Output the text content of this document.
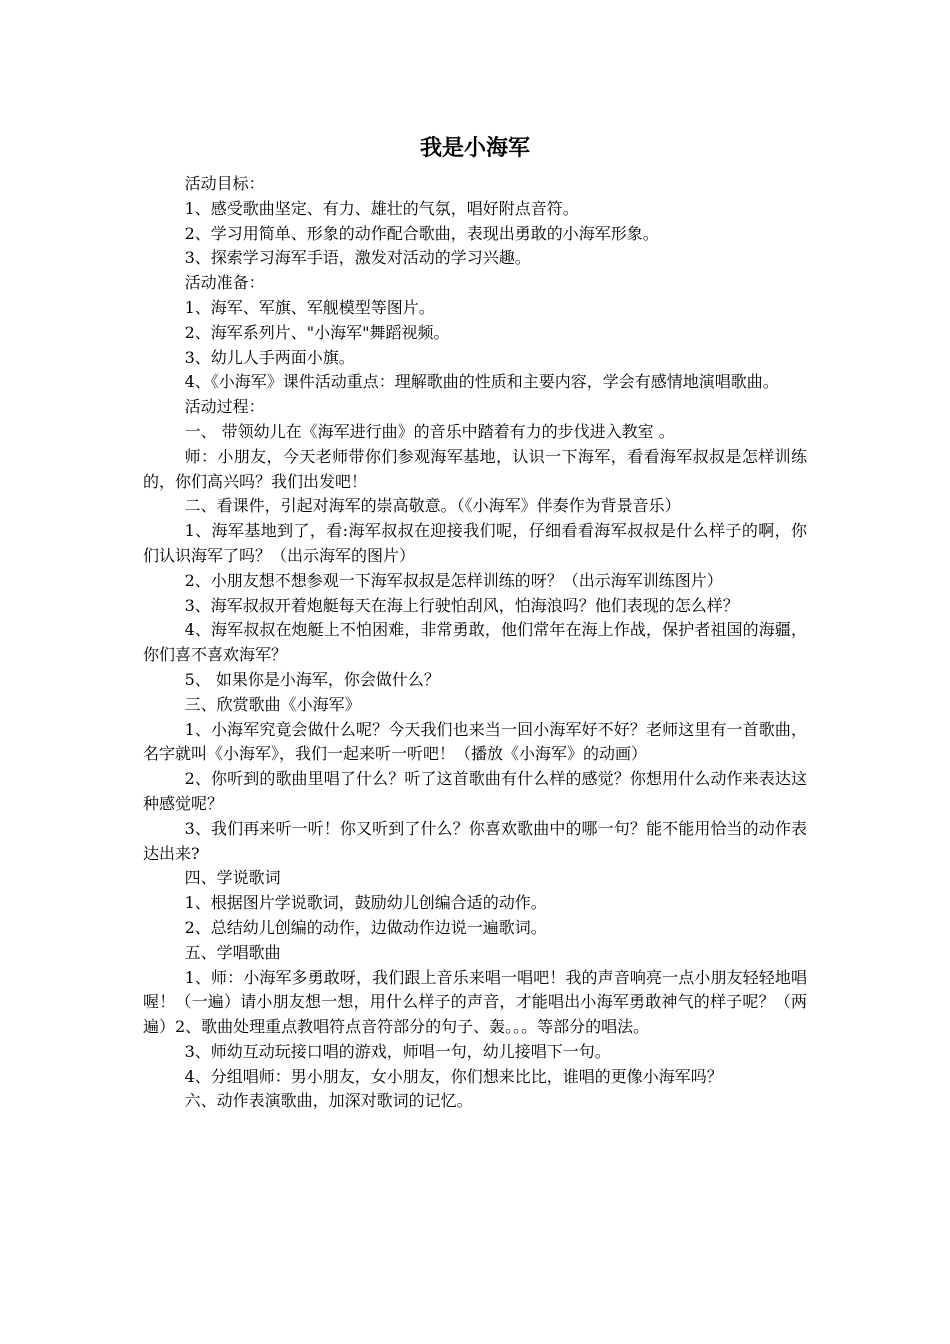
我是小海军

活动目标：

1、感受歌曲坚定、有力、雄壮的气氛，唱好附点音符。

2、学习用简单、形象的动作配合歌曲，表现出勇敢的小海军形象。

3、探索学习海军手语，激发对活动的学习兴趣。

活动准备：

1、海军、军旗、军舰模型等图片。

2、海军系列片、"小海军"舞蹈视频。

3、幼儿人手两面小旗。

4、《小海军》课件活动重点：理解歌曲的性质和主要内容，学会有感情地演唱歌曲。

活动过程：

一、 带领幼儿在《海军进行曲》的音乐中踏着有力的步伐进入教室 。

师：小朋友，今天老师带你们参观海军基地，认识一下海军，看看海军叔叔是怎样训练的，你们高兴吗？我们出发吧！

二、看课件，引起对海军的崇高敬意。（《小海军》伴奏作为背景音乐）

1、海军基地到了，看:海军叔叔在迎接我们呢，仔细看看海军叔叔是什么样子的啊，你们认识海军了吗？（出示海军的图片）

2、小朋友想不想参观一下海军叔叔是怎样训练的呀？（出示海军训练图片）

3、海军叔叔开着炮艇每天在海上行驶怕刮风，怕海浪吗？他们表现的怎么样？

4、海军叔叔在炮艇上不怕困难，非常勇敢，他们常年在海上作战，保护者祖国的海疆，你们喜不喜欢海军？

5、 如果你是小海军，你会做什么？

三、欣赏歌曲《小海军》

1、小海军究竟会做什么呢？今天我们也来当一回小海军好不好？老师这里有一首歌曲，名字就叫《小海军》，我们一起来听一听吧！（播放《小海军》的动画）

2、你听到的歌曲里唱了什么？听了这首歌曲有什么样的感觉？你想用什么动作来表达这种感觉呢？

3、我们再来听一听！你又听到了什么？你喜欢歌曲中的哪一句？能不能用恰当的动作表达出来?

四、学说歌词

1、根据图片学说歌词，鼓励幼儿创编合适的动作。

2、总结幼儿创编的动作，边做动作边说一遍歌词。

五、学唱歌曲

1、师：小海军多勇敢呀，我们跟上音乐来唱一唱吧！我的声音响亮一点小朋友轻轻地唱喔！（一遍）请小朋友想一想，用什么样子的声音，才能唱出小海军勇敢神气的样子呢？（两遍）2、歌曲处理重点教唱符点音符部分的句子、轰。。。等部分的唱法。

3、师幼互动玩接口唱的游戏，师唱一句，幼儿接唱下一句。

4、分组唱师：男小朋友，女小朋友，你们想来比比，谁唱的更像小海军吗？

六、动作表演歌曲，加深对歌词的记忆。
